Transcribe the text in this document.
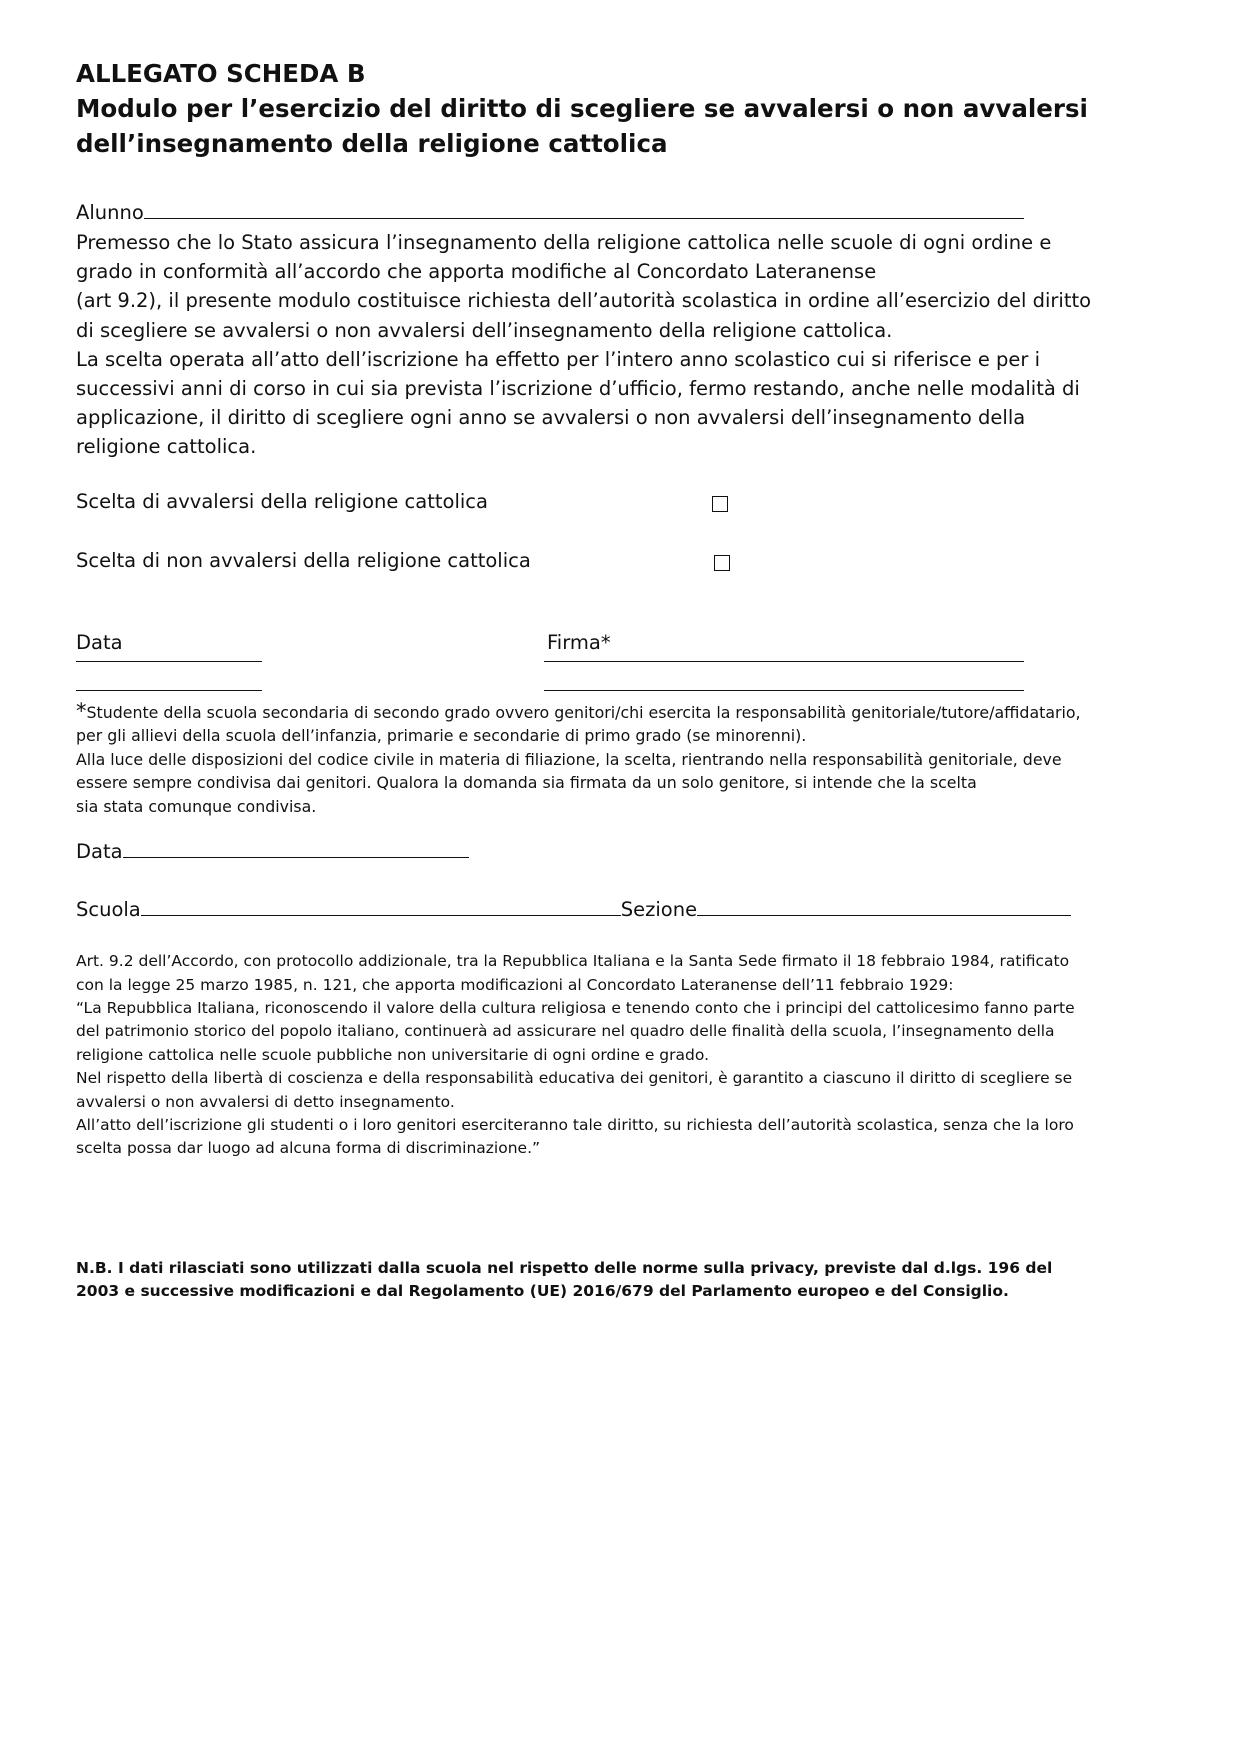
ALLEGATO SCHEDA B

Modulo per l’esercizio del diritto di scegliere se avvalersi o non avvalersi

dell’insegnamento della religione cattolica

Alunno

Premesso che lo Stato assicura l’insegnamento della religione cattolica nelle scuole di ogni ordine e

grado in conformità all’accordo che apporta modifiche al Concordato Lateranense

(art 9.2), il presente modulo costituisce richiesta dell’autorità scolastica in ordine all’esercizio del diritto

di scegliere se avvalersi o non avvalersi dell’insegnamento della religione cattolica.

La scelta operata all’atto dell’iscrizione ha effetto per l’intero anno scolastico cui si riferisce e per i

successivi anni di corso in cui sia prevista l’iscrizione d’ufficio, fermo restando, anche nelle modalità di

applicazione, il diritto di scegliere ogni anno se avvalersi o non avvalersi dell’insegnamento della

religione cattolica.

Scelta di avvalersi della religione cattolica
Scelta di non avvalersi della religione cattolica
Data	Firma*

*Studente della scuola secondaria di secondo grado ovvero genitori/chi esercita la responsabilità genitoriale/tutore/affidatario,

per gli allievi della scuola dell’infanzia, primarie e secondarie di primo grado (se minorenni).

Alla luce delle disposizioni del codice civile in materia di filiazione, la scelta, rientrando nella responsabilità genitoriale, deve

essere sempre condivisa dai genitori. Qualora la domanda sia firmata da un solo genitore, si intende che la scelta

sia stata comunque condivisa.

Data
Scuola	Sezione

Art. 9.2 dell’Accordo, con protocollo addizionale, tra la Repubblica Italiana e la Santa Sede firmato il 18 febbraio 1984, ratificato

con la legge 25 marzo 1985, n. 121, che apporta modificazioni al Concordato Lateranense dell’11 febbraio 1929:

“La Repubblica Italiana, riconoscendo il valore della cultura religiosa e tenendo conto che i principi del cattolicesimo fanno parte

del patrimonio storico del popolo italiano, continuerà ad assicurare nel quadro delle finalità della scuola, l’insegnamento della

religione cattolica nelle scuole pubbliche non universitarie di ogni ordine e grado.

Nel rispetto della libertà di coscienza e della responsabilità educativa dei genitori, è garantito a ciascuno il diritto di scegliere se

avvalersi o non avvalersi di detto insegnamento.

All’atto dell’iscrizione gli studenti o i loro genitori eserciteranno tale diritto, su richiesta dell’autorità scolastica, senza che la loro

scelta possa dar luogo ad alcuna forma di discriminazione.”

N.B. I dati rilasciati sono utilizzati dalla scuola nel rispetto delle norme sulla privacy, previste dal d.lgs. 196 del

2003 e successive modificazioni e dal Regolamento (UE) 2016/679 del Parlamento europeo e del Consiglio.
